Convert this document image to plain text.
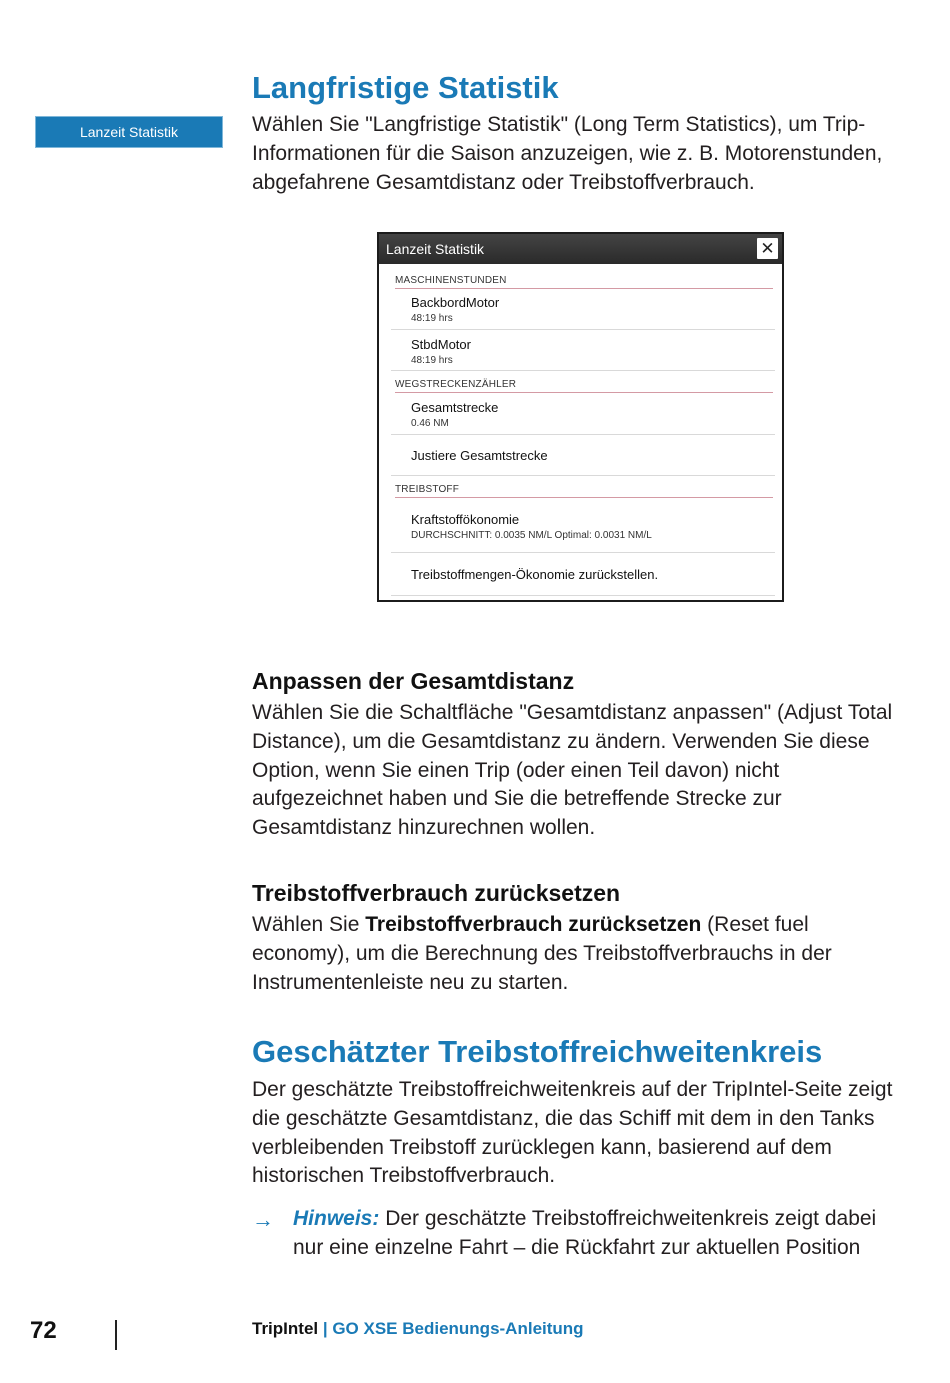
Lanzeit Statistik
Langfristige Statistik

Wählen Sie "Langfristige Statistik" (Long Term Statistics), um Trip-Informationen für die Saison anzuzeigen, wie z. B. Motorenstunden, abgefahrene Gesamtdistanz oder Treibstoffverbrauch.

Lanzeit Statistik	✕
MASCHINENSTUNDEN
BackbordMotor
48:19 hrs
StbdMotor
48:19 hrs
WEGSTRECKENZÄHLER
Gesamtstrecke
0.46 NM
Justiere Gesamtstrecke
TREIBSTOFF
Kraftstoffökonomie
DURCHSCHNITT: 0.0035 NM/L Optimal: 0.0031 NM/L
Treibstoffmengen-Ökonomie zurückstellen.
Anpassen der Gesamtdistanz

Wählen Sie die Schaltfläche "Gesamtdistanz anpassen" (Adjust Total Distance), um die Gesamtdistanz zu ändern. Verwenden Sie diese Option, wenn Sie einen Trip (oder einen Teil davon) nicht aufgezeichnet haben und Sie die betreffende Strecke zur Gesamtdistanz hinzurechnen wollen.

Treibstoffverbrauch zurücksetzen

Wählen Sie Treibstoffverbrauch zurücksetzen (Reset fuel economy), um die Berechnung des Treibstoffverbrauchs in der Instrumentenleiste neu zu starten.

Geschätzter Treibstoffreichweitenkreis

Der geschätzte Treibstoffreichweitenkreis auf der TripIntel-Seite zeigt die geschätzte Gesamtdistanz, die das Schiff mit dem in den Tanks verbleibenden Treibstoff zurücklegen kann, basierend auf dem historischen Treibstoffverbrauch.

→ Hinweis: Der geschätzte Treibstoffreichweitenkreis zeigt dabei nur eine einzelne Fahrt – die Rückfahrt zur aktuellen Position
72	TripIntel | GO XSE Bedienungs-Anleitung
